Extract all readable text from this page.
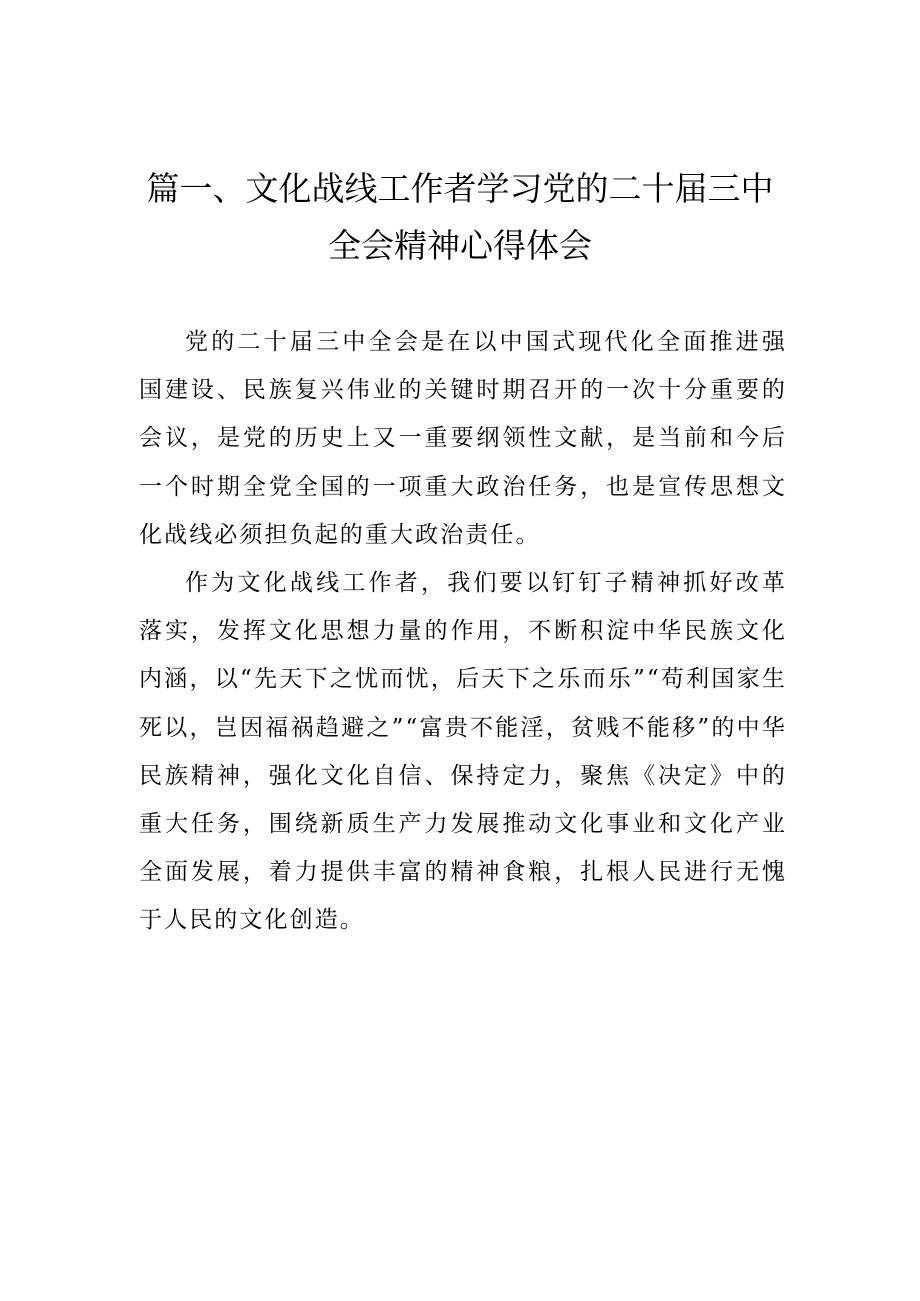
篇一、文化战线工作者学习党的二十届三中
全会精神心得体会

党的二十届三中全会是在以中国式现代化全面推进强国建设、民族复兴伟业的关键时期召开的一次十分重要的会议，是党的历史上又一重要纲领性文献，是当前和今后一个时期全党全国的一项重大政治任务，也是宣传思想文化战线必须担负起的重大政治责任。

作为文化战线工作者，我们要以钉钉子精神抓好改革落实，发挥文化思想力量的作用，不断积淀中华民族文化内涵，以“先天下之忧而忧，后天下之乐而乐”“苟利国家生死以，岂因福祸趋避之”“富贵不能淫，贫贱不能移”的中华民族精神，强化文化自信、保持定力，聚焦《决定》中的重大任务，围绕新质生产力发展推动文化事业和文化产业全面发展，着力提供丰富的精神食粮，扎根人民进行无愧于人民的文化创造。
